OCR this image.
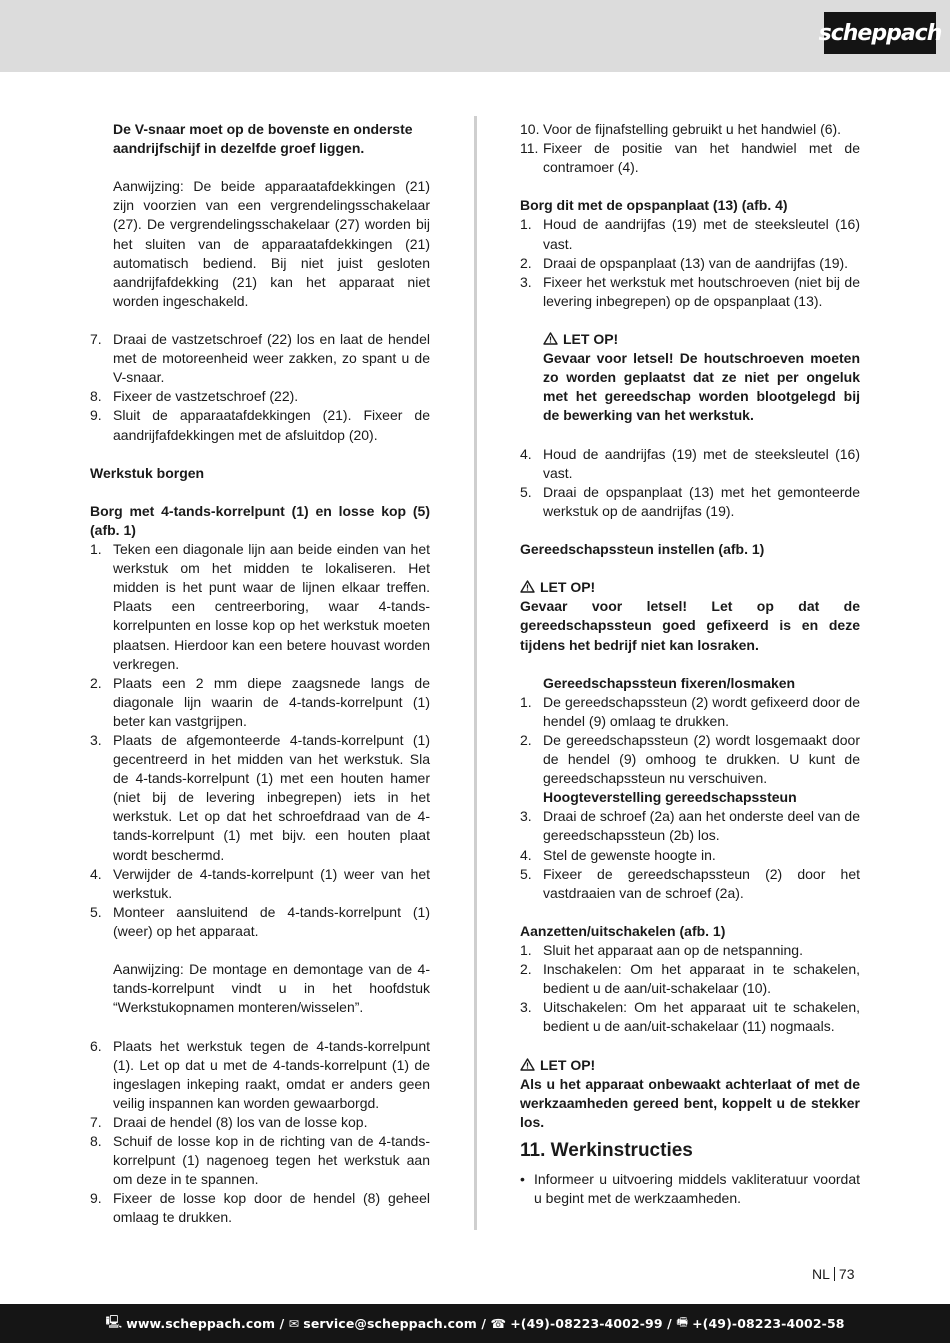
scheppach
De V-snaar moet op de bovenste en onderste
aandrijfschijf in dezelfde groef liggen.
Aanwijzing: De beide apparaatafdekkingen (21) zijn voorzien van een vergrendelingsschakelaar (27). De vergrendelingsschakelaar (27) worden bij het sluiten van de apparaatafdekkingen (21) automatisch bediend. Bij niet juist gesloten aandrijfafdekking (21) kan het apparaat niet worden ingeschakeld.
7. Draai de vastzetschroef (22) los en laat de hendel met de motoreenheid weer zakken, zo spant u de V-snaar.
8. Fixeer de vastzetschroef (22).
9. Sluit de apparaatafdekkingen (21). Fixeer de aandrijfafdekkingen met de afsluitdop (20).
Werkstuk borgen
Borg met 4-tands-korrelpunt (1) en losse kop (5) (afb. 1)
1. Teken een diagonale lijn aan beide einden van het werkstuk om het midden te lokaliseren. Het midden is het punt waar de lijnen elkaar treffen. Plaats een centreerboring, waar 4-tands-korrelpunten en losse kop op het werkstuk moeten plaatsen. Hierdoor kan een betere houvast worden verkregen.
2. Plaats een 2 mm diepe zaagsnede langs de diagonale lijn waarin de 4-tands-korrelpunt (1) beter kan vastgrijpen.
3. Plaats de afgemonteerde 4-tands-korrelpunt (1) gecentreerd in het midden van het werkstuk. Sla de 4-tands-korrelpunt (1) met een houten hamer (niet bij de levering inbegrepen) iets in het werkstuk. Let op dat het schroefdraad van de 4-tands-korrelpunt (1) met bijv. een houten plaat wordt beschermd.
4. Verwijder de 4-tands-korrelpunt (1) weer van het werkstuk.
5. Monteer aansluitend de 4-tands-korrelpunt (1) (weer) op het apparaat.
Aanwijzing: De montage en demontage van de 4-tands-korrelpunt vindt u in het hoofdstuk “Werkstukopnamen monteren/wisselen”.
6. Plaats het werkstuk tegen de 4-tands-korrelpunt (1). Let op dat u met de 4-tands-korrelpunt (1) de ingeslagen inkeping raakt, omdat er anders geen veilig inspannen kan worden gewaarborgd.
7. Draai de hendel (8) los van de losse kop.
8. Schuif de losse kop in de richting van de 4-tands-korrelpunt (1) nagenoeg tegen het werkstuk aan om deze in te spannen.
9. Fixeer de losse kop door de hendel (8) geheel omlaag te drukken.
10. Voor de fijnafstelling gebruikt u het handwiel (6).
11. Fixeer de positie van het handwiel met de contramoer (4).
Borg dit met de opspanplaat (13) (afb. 4)
1. Houd de aandrijfas (19) met de steeksleutel (16) vast.
2. Draai de opspanplaat (13) van de aandrijfas (19).
3. Fixeer het werkstuk met houtschroeven (niet bij de levering inbegrepen) op de opspanplaat (13).
LET OP!
Gevaar voor letsel! De houtschroeven moeten zo worden geplaatst dat ze niet per ongeluk met het gereedschap worden blootgelegd bij de bewerking van het werkstuk.
4. Houd de aandrijfas (19) met de steeksleutel (16) vast.
5. Draai de opspanplaat (13) met het gemonteerde werkstuk op de aandrijfas (19).
Gereedschapssteun instellen (afb. 1)
LET OP!
Gevaar voor letsel! Let op dat de gereedschapssteun goed gefixeerd is en deze tijdens het bedrijf niet kan losraken.
Gereedschapssteun fixeren/losmaken
1. De gereedschapssteun (2) wordt gefixeerd door de hendel (9) omlaag te drukken.
2. De gereedschapssteun (2) wordt losgemaakt door de hendel (9) omhoog te drukken. U kunt de gereedschapssteun nu verschuiven.
Hoogteverstelling gereedschapssteun
3. Draai de schroef (2a) aan het onderste deel van de gereedschapssteun (2b) los.
4. Stel de gewenste hoogte in.
5. Fixeer de gereedschapssteun (2) door het vastdraaien van de schroef (2a).
Aanzetten/uitschakelen (afb. 1)
1. Sluit het apparaat aan op de netspanning.
2. Inschakelen: Om het apparaat in te schakelen, bedient u de aan/uit-schakelaar (10).
3. Uitschakelen: Om het apparaat uit te schakelen, bedient u de aan/uit-schakelaar (11) nogmaals.
LET OP!
Als u het apparaat onbewaakt achterlaat of met de werkzaamheden gereed bent, koppelt u de stekker los.
11. Werkinstructies
• Informeer u uitvoering middels vakliteratuur voordat u begint met de werkzaamheden.
NL 73
🖳 www.scheppach.com /
✉ service@scheppach.com /
☎ +(49)-08223-4002-99 /
🖷 +(49)-08223-4002-58
